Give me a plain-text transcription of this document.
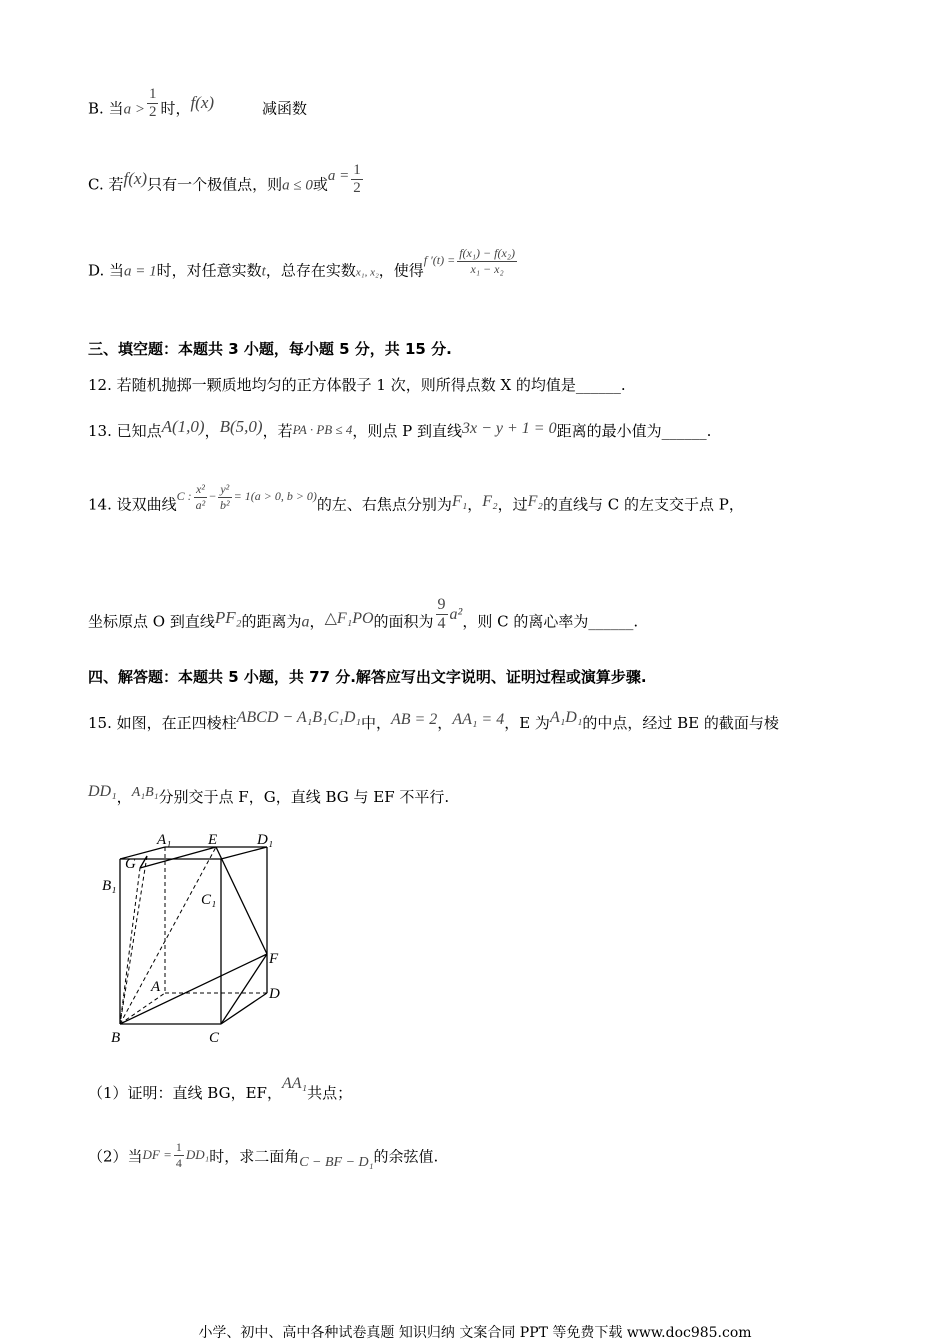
B. 当$a > \frac{1}{2}$ 时，f(x)	减函数
C. 若f(x)只有一个极值点，则a ≤ 0或$a = \frac{1}{2}$
D. 当a = 1时，对任意实数t，总存在实数x₁, x₂，使得$^{f '(t) =} \frac{\text{f(x₁) − f(x₂)}}{\text{x₁ − x₂}}$
三、填空题：本题共 3 小题，每小题 5 分，共 15 分.
12. 若随机抛掷一颗质地均匀的正方体骰子 1 次，则所得点数 X 的均值是______.
13. 已知点A(1,0)，B(5,0)，若PA · PB ≤ 4，则点 P 到直线3x − y + 1 = 0距离的最小值为______.
14. 设双曲线$^{C :} \frac{\text{x²}}{\text{a²}} ^- \frac{\text{y²}}{\text{b²}} ^{= 1(a > 0, b > 0)}$的左、右焦点分别为F₁，F₂，过F₂的直线与 C 的左支交于点 P，
坐标原点 O 到直线PF₂的距离为a，△F₁PO的面积为 $\frac{9}{4} a^2$，则 C 的离心率为______.
四、解答题：本题共 5 小题，共 77 分.解答应写出文字说明、证明过程或演算步骤.
15. 如图，在正四棱柱ABCD − A₁B₁C₁D₁中，AB = 2，AA₁ = 4，E 为A₁D₁的中点，经过 BE 的截面与棱
DD₁，A₁B₁分别交于点 F，G，直线 BG 与 EF 不平行.
A₁ E	D₁
G
B₁
C₁
F
A	D
B	C
（1）证明：直线 BG，EF，AA₁共点；
（2）当DF = $\frac{1}{4} DD_1$时，求二面角C − BF − D₁的余弦值.
小学、初中、高中各种试卷真题 知识归纳 文案合同 PPT 等免费下载 www.doc985.com
